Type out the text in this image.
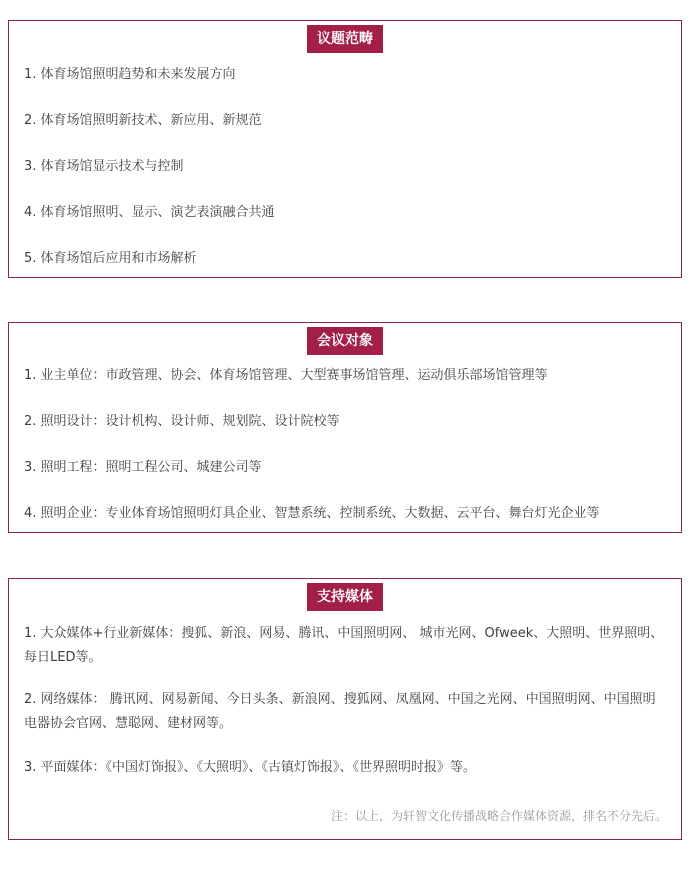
议题范畴
1. 体育场馆照明趋势和未来发展方向
2. 体育场馆照明新技术、新应用、新规范
3. 体育场馆显示技术与控制
4. 体育场馆照明、显示、演艺表演融合共通
5. 体育场馆后应用和市场解析
会议对象
1. 业主单位：市政管理、协会、体育场馆管理、大型赛事场馆管理、运动俱乐部场馆管理等
2. 照明设计：设计机构、设计师、规划院、设计院校等
3. 照明工程：照明工程公司、城建公司等
4. 照明企业：专业体育场馆照明灯具企业、智慧系统、控制系统、大数据、云平台、舞台灯光企业等
支持媒体
1. 大众媒体+行业新媒体：搜狐、新浪、网易、腾讯、中国照明网、 城市光网、Ofweek、大照明、世界照明、每日LED等。
2. 网络媒体： 腾讯网、网易新闻、今日头条、新浪网、搜狐网、凤凰网、中国之光网、中国照明网、中国照明电器协会官网、慧聪网、建材网等。
3. 平面媒体：《中国灯饰报》、《大照明》、《古镇灯饰报》、《世界照明时报》等。
注：以上，为轩智文化传播战略合作媒体资源，排名不分先后。
